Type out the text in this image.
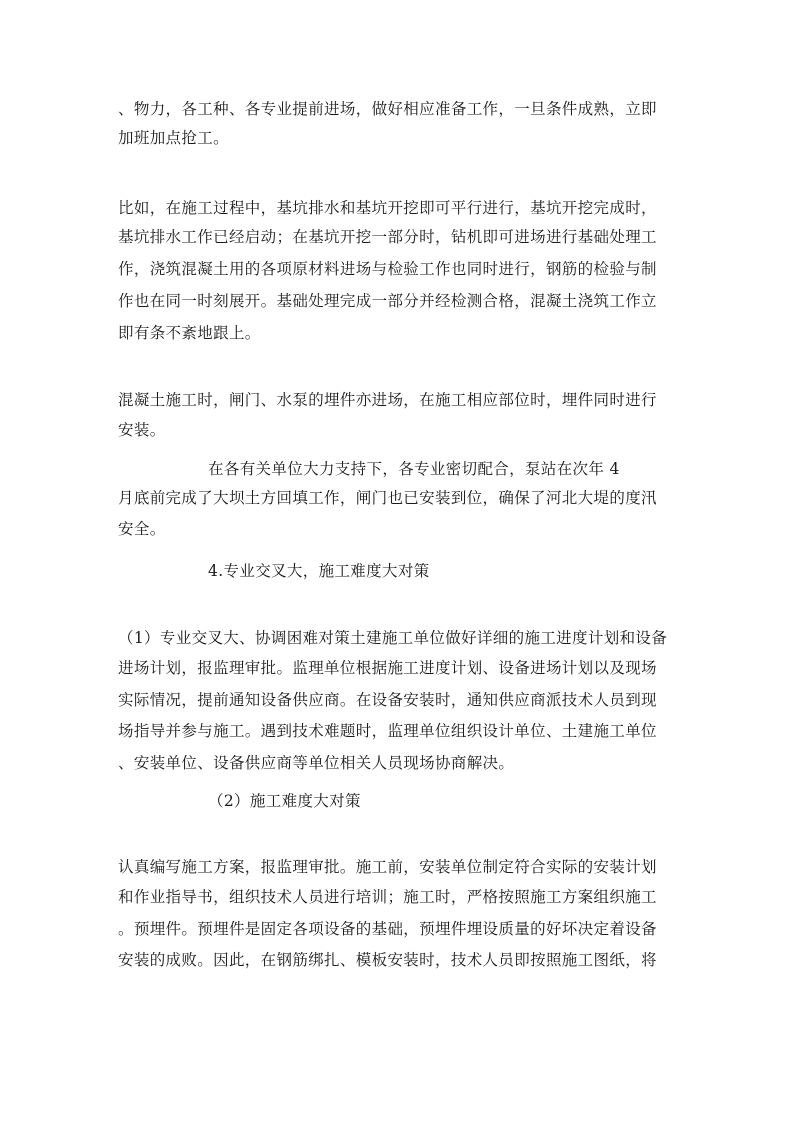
、物力，各工种、各专业提前进场，做好相应准备工作，一旦条件成熟，立即
加班加点抢工。
比如，在施工过程中，基坑排水和基坑开挖即可平行进行，基坑开挖完成时，
基坑排水工作已经启动；在基坑开挖一部分时，钻机即可进场进行基础处理工
作，浇筑混凝土用的各项原材料进场与检验工作也同时进行，钢筋的检验与制
作也在同一时刻展开。基础处理完成一部分并经检测合格，混凝土浇筑工作立
即有条不紊地跟上。
混凝土施工时，闸门、水泵的埋件亦进场，在施工相应部位时，埋件同时进行
安装。
在各有关单位大力支持下，各专业密切配合，泵站在次年 4
月底前完成了大坝土方回填工作，闸门也已安装到位，确保了河北大堤的度汛
安全。
4.专业交叉大，施工难度大对策
（1）专业交叉大、协调困难对策土建施工单位做好详细的施工进度计划和设备
进场计划，报监理审批。监理单位根据施工进度计划、设备进场计划以及现场
实际情况，提前通知设备供应商。在设备安装时，通知供应商派技术人员到现
场指导并参与施工。遇到技术难题时，监理单位组织设计单位、土建施工单位
、安装单位、设备供应商等单位相关人员现场协商解决。
（2）施工难度大对策
认真编写施工方案，报监理审批。施工前，安装单位制定符合实际的安装计划
和作业指导书，组织技术人员进行培训；施工时，严格按照施工方案组织施工
。预埋件。预埋件是固定各项设备的基础，预埋件埋设质量的好坏决定着设备
安装的成败。因此，在钢筋绑扎、模板安装时，技术人员即按照施工图纸，将
